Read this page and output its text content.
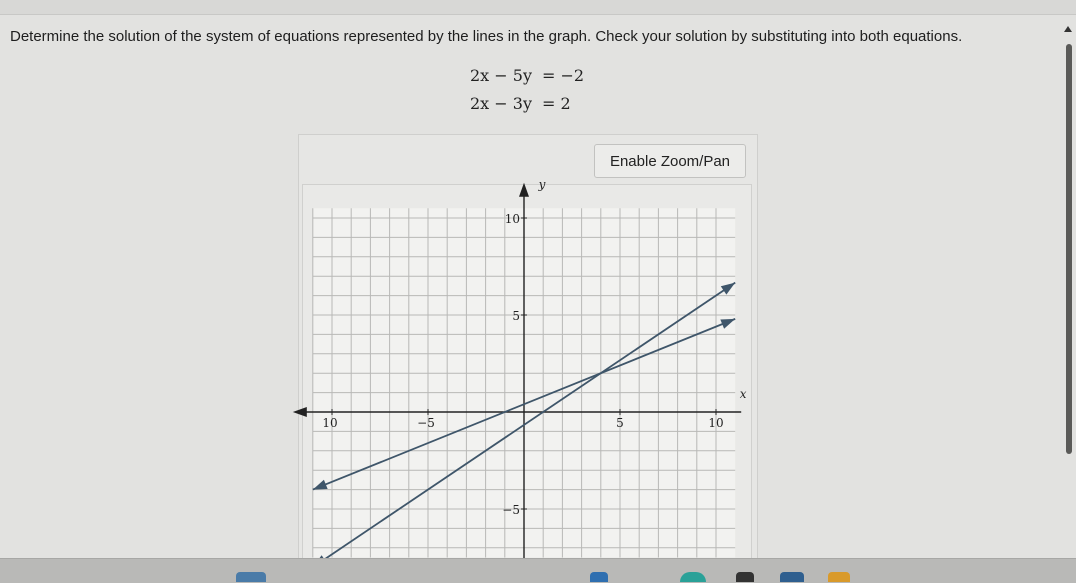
Determine the solution of the system of equations represented by the lines in the graph. Check your solution by substituting into both equations.
2x − 5y = −2
2x − 3y = 2
Enable Zoom/Pan
10	−5	5	10
10
5
−5
x
y
